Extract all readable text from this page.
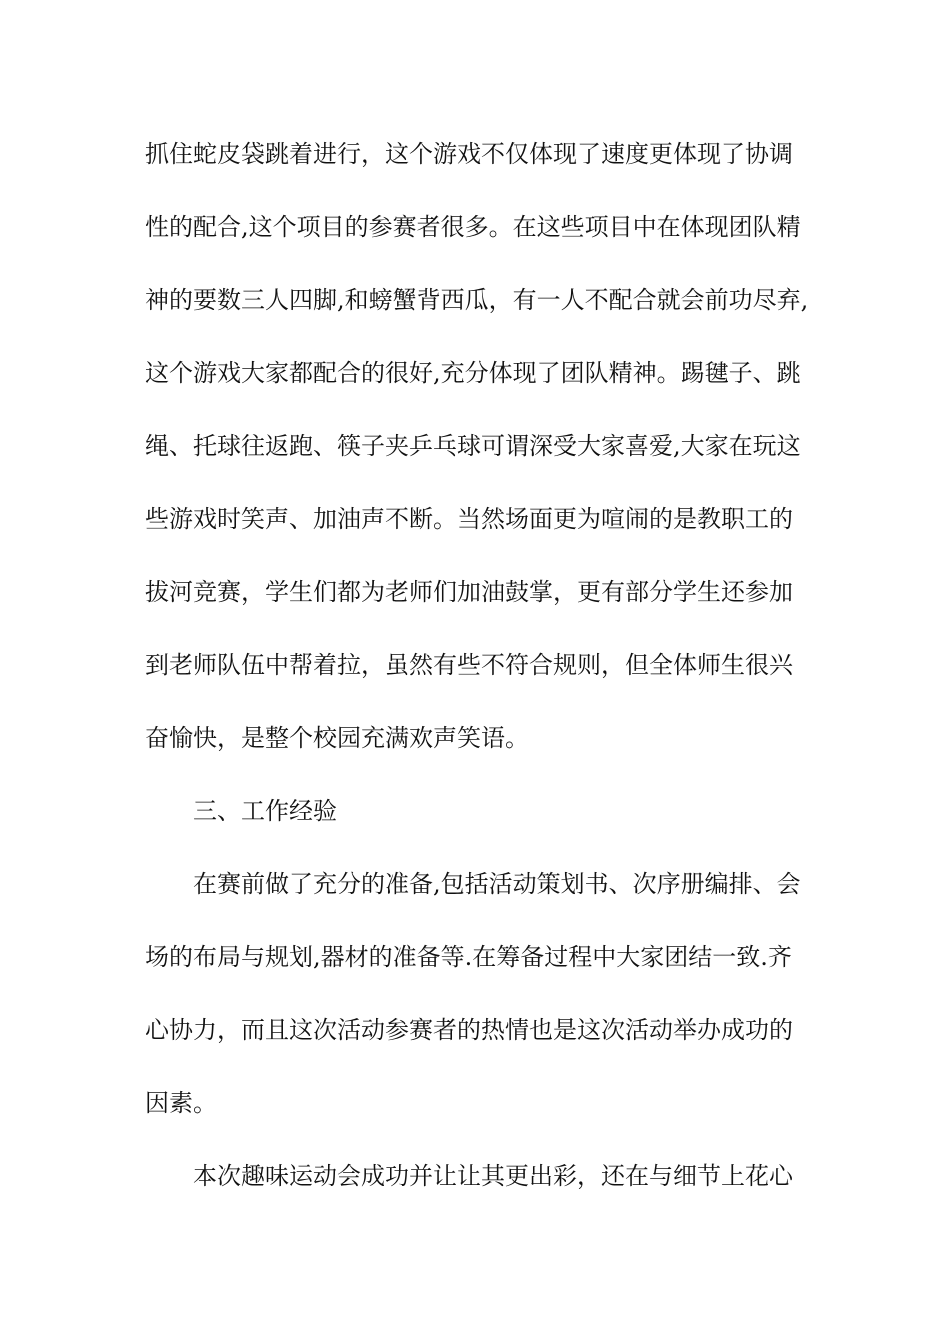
抓住蛇皮袋跳着进行，这个游戏不仅体现了速度更体现了协调
性的配合,这个项目的参赛者很多。在这些项目中在体现团队精
神的要数三人四脚,和螃蟹背西瓜，有一人不配合就会前功尽弃,
这个游戏大家都配合的很好,充分体现了团队精神。踢毽子、跳
绳、托球往返跑、筷子夹乒乓球可谓深受大家喜爱,大家在玩这
些游戏时笑声、加油声不断。当然场面更为喧闹的是教职工的
拔河竞赛，学生们都为老师们加油鼓掌，更有部分学生还参加
到老师队伍中帮着拉，虽然有些不符合规则，但全体师生很兴
奋愉快，是整个校园充满欢声笑语。
三、工作经验
在赛前做了充分的准备,包括活动策划书、次序册编排、会
场的布局与规划,器材的准备等.在筹备过程中大家团结一致.齐
心协力，而且这次活动参赛者的热情也是这次活动举办成功的
因素。
本次趣味运动会成功并让让其更出彩，还在与细节上花心
